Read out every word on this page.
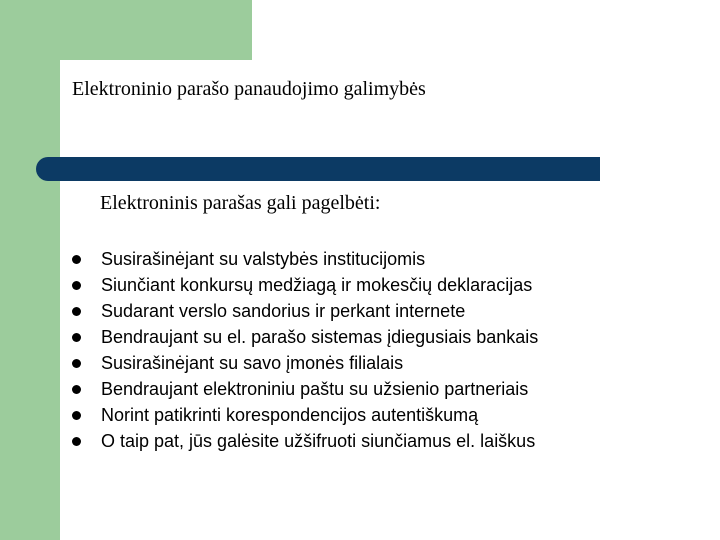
Elektroninio parašo panaudojimo galimybės
Elektroninis parašas gali pagelbėti:
Susirašinėjant su valstybės institucijomis
Siunčiant konkursų medžiagą ir mokesčių deklaracijas
Sudarant verslo sandorius ir perkant internete
Bendraujant su el. parašo sistemas įdiegusiais bankais
Susirašinėjant su savo įmonės filialais
Bendraujant elektroniniu paštu su užsienio partneriais
Norint patikrinti korespondencijos autentiškumą
O taip pat, jūs galėsite užšifruoti siunčiamus el. laiškus
